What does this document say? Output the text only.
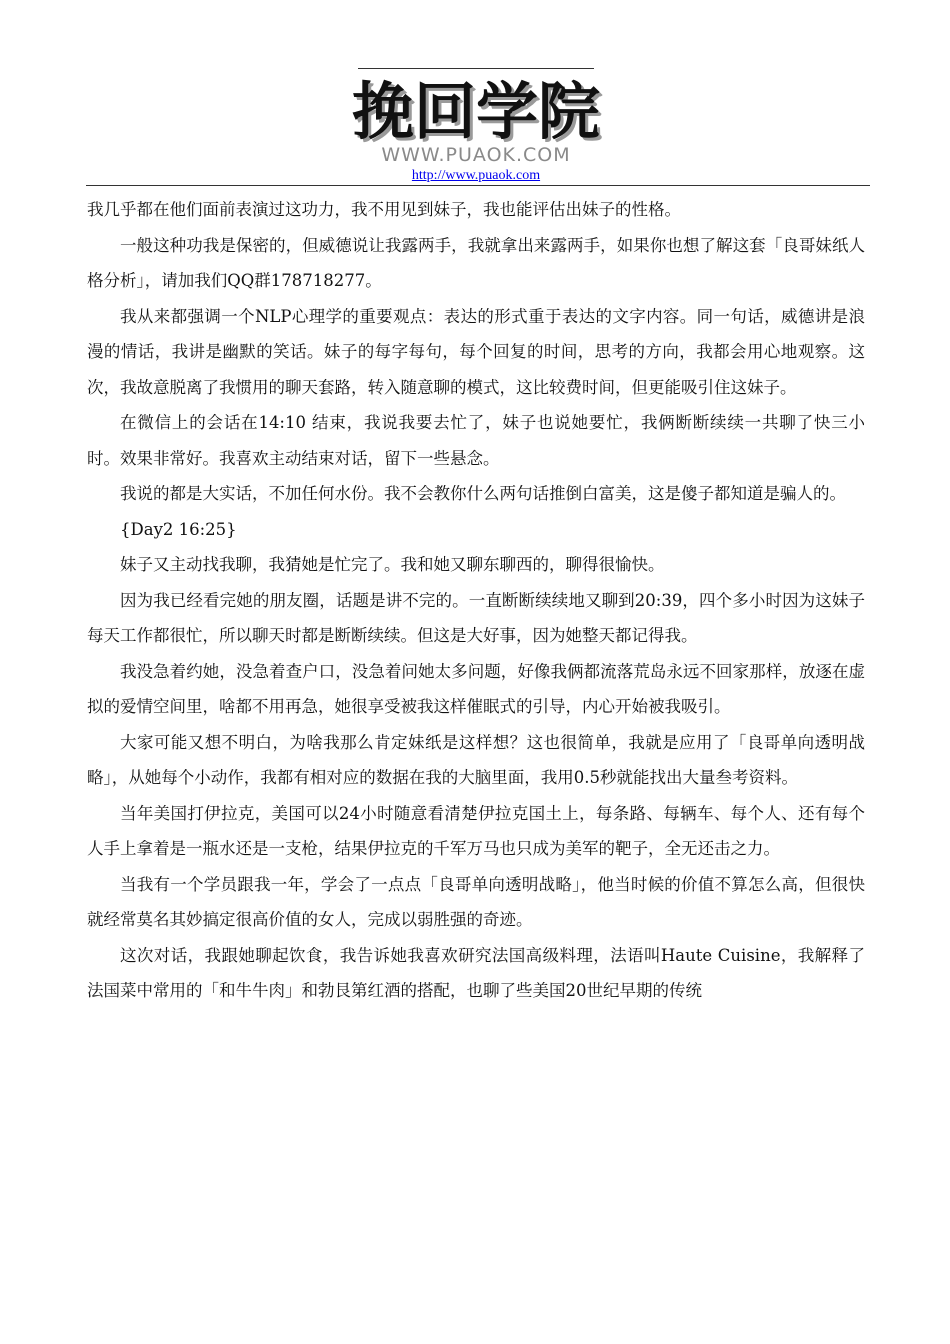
挽回学院
WWW.PUAOK.COM
http://www.puaok.com

我几乎都在他们面前表演过这功力，我不用见到妹子，我也能评估出妹子的性格。

一般这种功我是保密的，但威德说让我露两手，我就拿出来露两手，如果你也想了解这套「良哥妹纸人格分析」，请加我们QQ群178718277。

我从来都强调一个NLP心理学的重要观点：表达的形式重于表达的文字内容。同一句话，威德讲是浪漫的情话，我讲是幽默的笑话。妹子的每字每句，每个回复的时间，思考的方向，我都会用心地观察。这次，我故意脱离了我惯用的聊天套路，转入随意聊的模式，这比较费时间，但更能吸引住这妹子。

在微信上的会话在14:10 结束，我说我要去忙了，妹子也说她要忙，我俩断断续续一共聊了快三小时。效果非常好。我喜欢主动结束对话，留下一些悬念。

我说的都是大实话，不加任何水份。我不会教你什么两句话推倒白富美，这是傻子都知道是骗人的。

{Day2 16:25}

妹子又主动找我聊，我猜她是忙完了。我和她又聊东聊西的，聊得很愉快。

因为我已经看完她的朋友圈，话题是讲不完的。一直断断续续地又聊到20:39，四个多小时因为这妹子每天工作都很忙，所以聊天时都是断断续续。但这是大好事，因为她整天都记得我。

我没急着约她，没急着查户口，没急着问她太多问题，好像我俩都流落荒岛永远不回家那样，放逐在虚拟的爱情空间里，啥都不用再急，她很享受被我这样催眠式的引导，内心开始被我吸引。

大家可能又想不明白，为啥我那么肯定妹纸是这样想？这也很简单，我就是应用了「良哥单向透明战略」，从她每个小动作，我都有相对应的数据在我的大脑里面，我用0.5秒就能找出大量叁考资料。

当年美国打伊拉克，美国可以24小时随意看清楚伊拉克国土上，每条路、每辆车、每个人、还有每个人手上拿着是一瓶水还是一支枪，结果伊拉克的千军万马也只成为美军的靶子，全无还击之力。

当我有一个学员跟我一年，学会了一点点「良哥单向透明战略」，他当时候的价值不算怎么高，但很快就经常莫名其妙搞定很高价值的女人，完成以弱胜强的奇迹。

这次对话，我跟她聊起饮食，我告诉她我喜欢研究法国高级料理，法语叫Haute Cuisine，我解释了法国菜中常用的「和牛牛肉」和勃艮第红酒的搭配，也聊了些美国20世纪早期的传统
